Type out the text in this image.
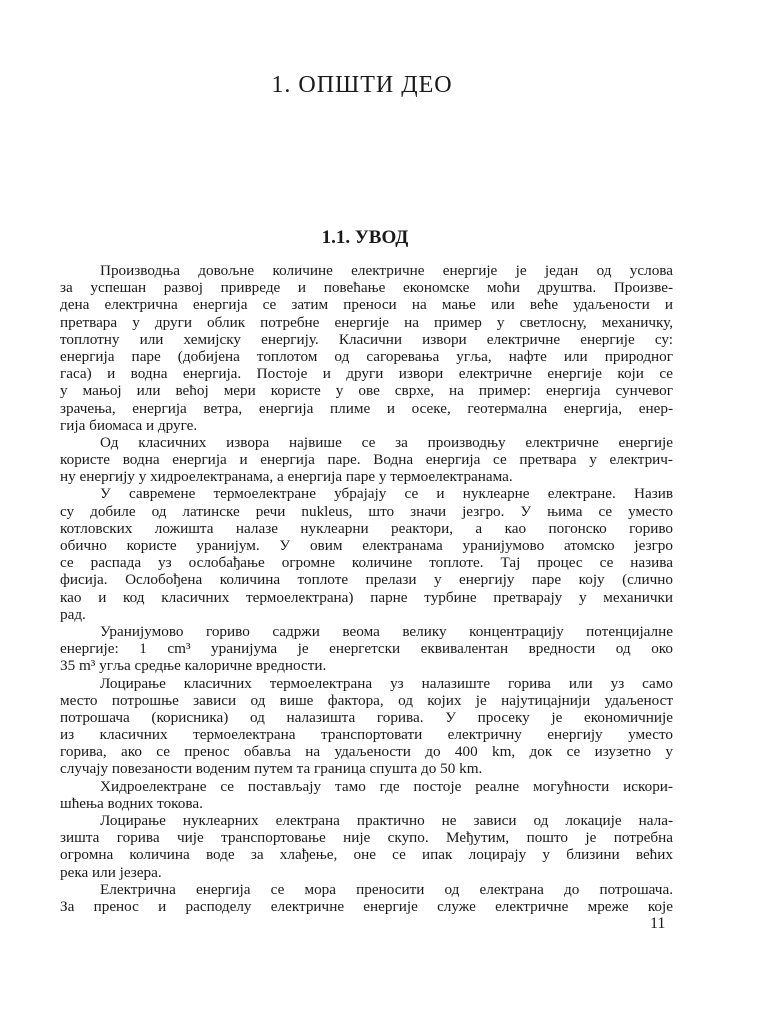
1. ОПШТИ ДЕО
1.1. УВОД
Производња довољне количине електричне енергије је један од услова
за успешан развој привреде и повећање економске моћи друштва. Произве-
дена електрична енергија се затим преноси на мање или веће удаљености и
претвара у други облик потребне енергије на пример у светлосну, механичку,
топлотну или хемијску енергију. Класични извори електричне енергије су:
енергија паре (добијена топлотом од сагоревања угља, нафте или природног
гаса) и водна енергија. Постоје и други извори електричне енергије који се
у мањој или већој мери користе у ове сврхе, на пример: енергија сунчевог
зрачења, енергија ветра, енергија плиме и осеке, геотермална енергија, енер-
гија биомаса и друге.
Од класичних извора највише се за производњу електричне енергије
користе водна енергија и енергија паре. Водна енергија се претвара у електрич-
ну енергију у хидроелектранама, а енергија паре у термоелектранама.
У савремене термоелектране убрајају се и нуклеарне електране. Назив
су добиле од латинске речи nukleus, што значи језгро. У њима се уместо
котловских ложишта налазе нуклеарни реактори, а као погонско гориво
обично користе уранијум. У овим електранама уранијумово атомско језгро
се распада уз ослобађање огромне количине топлоте. Тај процес се назива
фисија. Ослобођена количина топлоте прелази у енергију паре коју (слично
као и код класичних термоелектрана) парне турбине претварају у механички
рад.
Уранијумово гориво садржи веома велику концентрацију потенцијалне
енергије: 1 cm³ уранијума је енергетски еквивалентан вредности од око
35 m³ угља средње калоричне вредности.
Лоцирање класичних термоелектрана уз налазиште горива или уз само
место потрошње зависи од више фактора, од којих је најутицајнији удаљеност
потрошача (корисника) од налазишта горива. У просеку је економичније
из класичних термоелектрана транспортовати електричну енергију уместо
горива, ако се пренос обавља на удаљености до 400 km, док се изузетно у
случају повезаности воденим путем та граница спушта до 50 km.
Хидроелектране се постављају тамо где постоје реалне могућности искори-
шћења водних токова.
Лоцирање нуклеарних електрана практично не зависи од локације нала-
зишта горива чије транспортовање није скупо. Међутим, пошто је потребна
огромна количина воде за хлађење, оне се ипак лоцирају у близини већих
река или језера.
Електрична енергија се мора преносити од електрана до потрошача.
За пренос и расподелу електричне енергије служе електричне мреже које
11
